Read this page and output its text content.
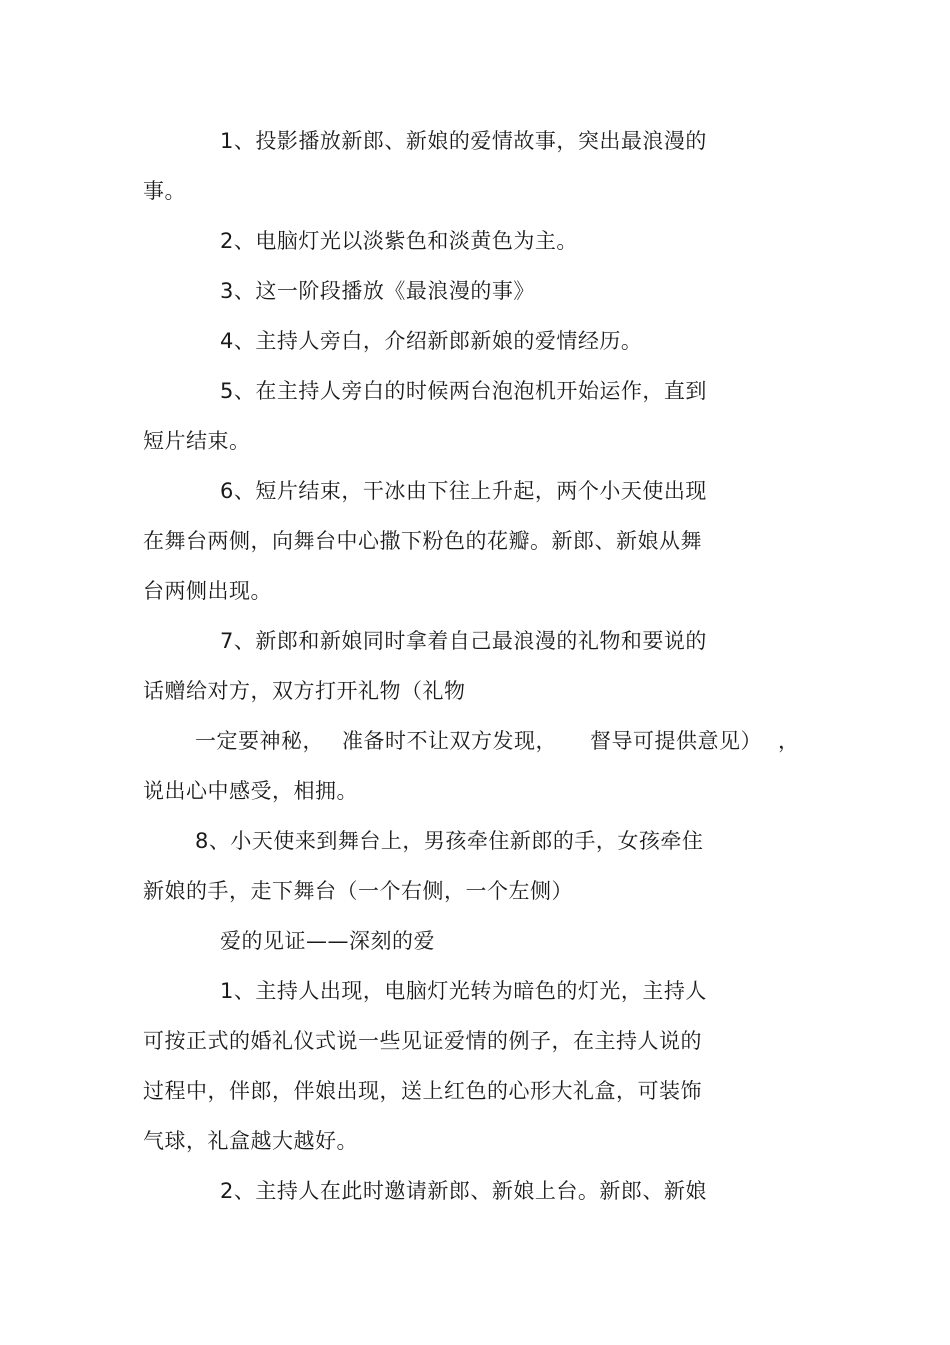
1、投影播放新郎、新娘的爱情故事，突出最浪漫的
事。
2、电脑灯光以淡紫色和淡黄色为主。
3、这一阶段播放《最浪漫的事》
4、主持人旁白，介绍新郎新娘的爱情经历。
5、在主持人旁白的时候两台泡泡机开始运作，直到
短片结束。
6、短片结束，干冰由下往上升起，两个小天使出现
在舞台两侧，向舞台中心撒下粉色的花瓣。新郎、新娘从舞
台两侧出现。
7、新郎和新娘同时拿着自己最浪漫的礼物和要说的
话赠给对方，双方打开礼物（礼物
一定要神秘， 准备时不让双方发现， 督导可提供意见） ，
说出心中感受，相拥。
8、小天使来到舞台上，男孩牵住新郎的手，女孩牵住
新娘的手，走下舞台（一个右侧，一个左侧）
爱的见证——深刻的爱
1、主持人出现，电脑灯光转为暗色的灯光，主持人
可按正式的婚礼仪式说一些见证爱情的例子，在主持人说的
过程中，伴郎，伴娘出现，送上红色的心形大礼盒，可装饰
气球，礼盒越大越好。
2、主持人在此时邀请新郎、新娘上台。新郎、新娘
